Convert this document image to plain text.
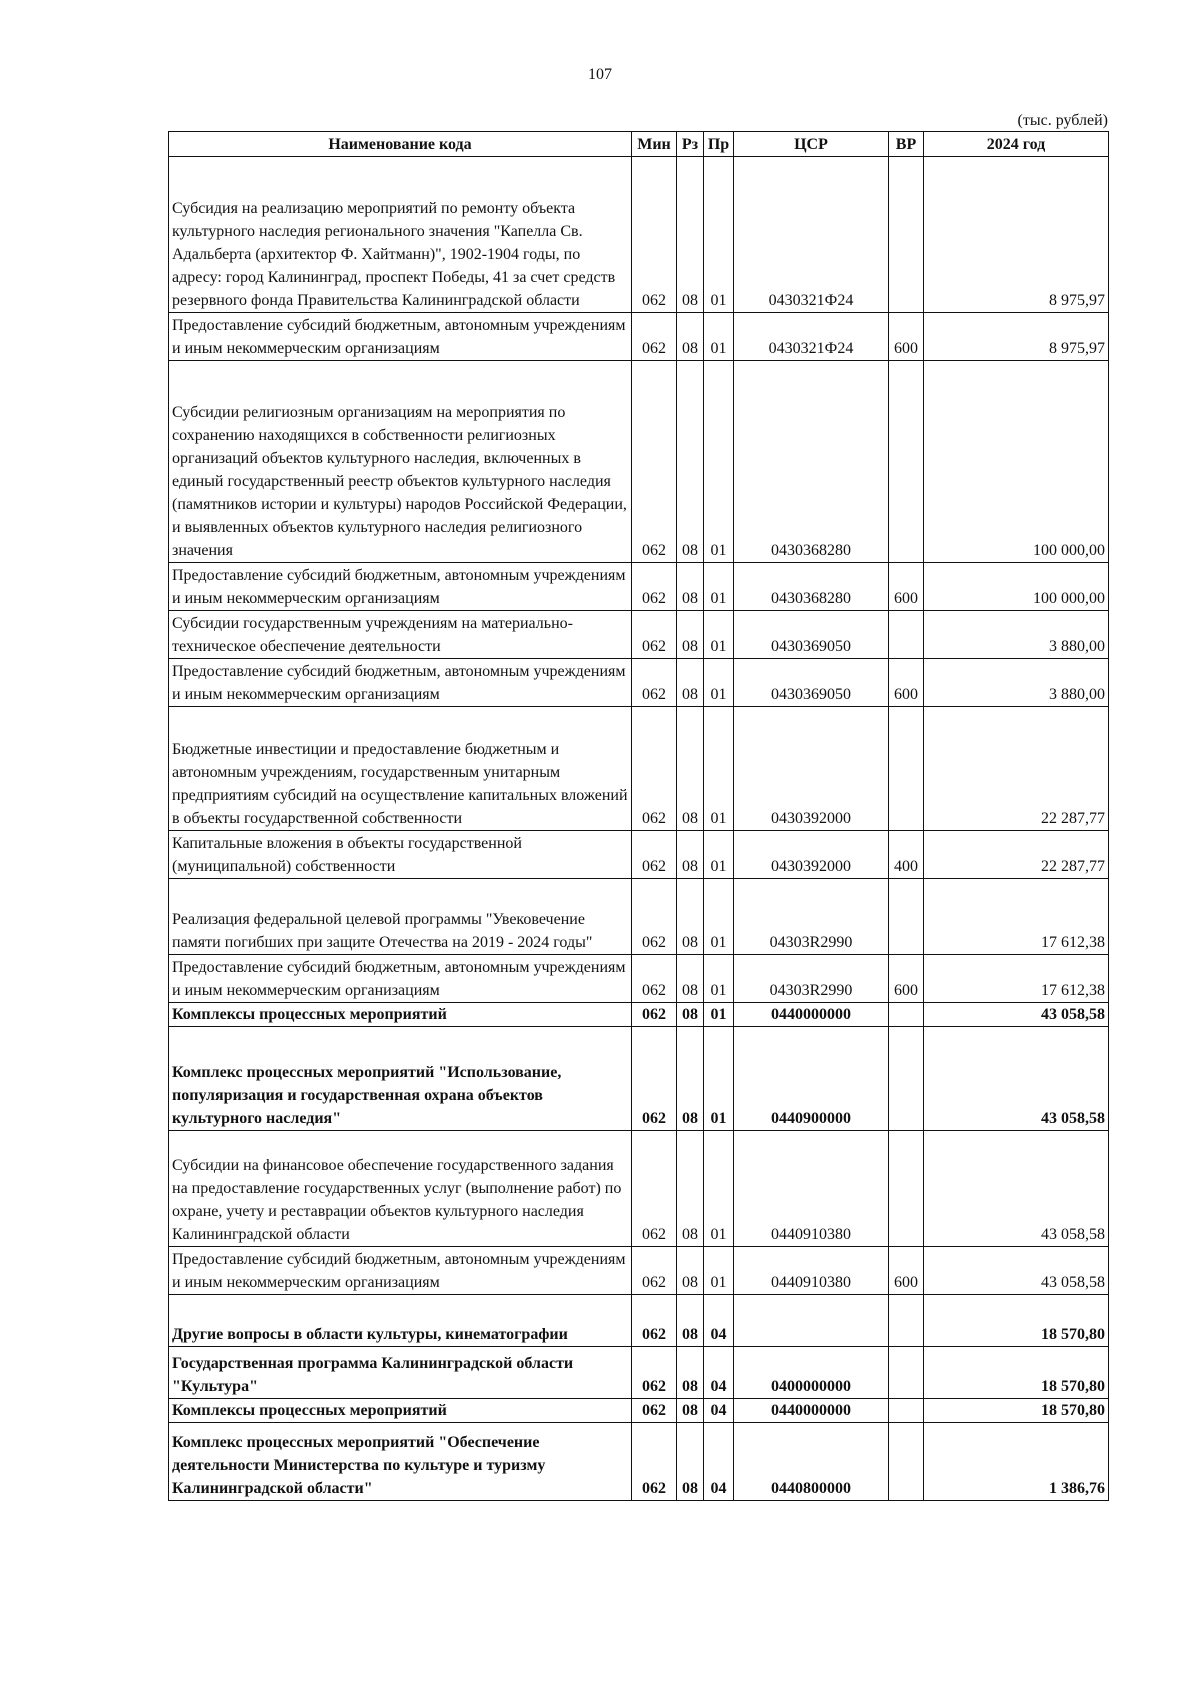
107
(тыс. рублей)
Наименование кода	Мин	Рз	Пр	ЦСР	ВР	2024 год
Субсидия на реализацию мероприятий по ремонту объекта культурного наследия регионального значения "Капелла Св. Адальберта (архитектор Ф. Хайтманн)", 1902-1904 годы, по адресу: город Калининград, проспект Победы, 41 за счет средств резервного фонда Правительства Калининградской области	062	08	01	0430321Ф24		8 975,97
Предоставление субсидий бюджетным, автономным учреждениям и иным некоммерческим организациям	062	08	01	0430321Ф24	600	8 975,97
Субсидии религиозным организациям на мероприятия по сохранению находящихся в собственности религиозных организаций объектов культурного наследия, включенных в единый государственный реестр объектов культурного наследия (памятников истории и культуры) народов Российской Федерации, и выявленных объектов культурного наследия религиозного значения	062	08	01	0430368280		100 000,00
Предоставление субсидий бюджетным, автономным учреждениям и иным некоммерческим организациям	062	08	01	0430368280	600	100 000,00
Субсидии государственным учреждениям на материально-техническое обеспечение деятельности	062	08	01	0430369050		3 880,00
Предоставление субсидий бюджетным, автономным учреждениям и иным некоммерческим организациям	062	08	01	0430369050	600	3 880,00
Бюджетные инвестиции и предоставление бюджетным и автономным учреждениям, государственным унитарным предприятиям субсидий на осуществление капитальных вложений в объекты государственной собственности	062	08	01	0430392000		22 287,77
Капитальные вложения в объекты государственной (муниципальной) собственности	062	08	01	0430392000	400	22 287,77
Реализация федеральной целевой программы "Увековечение памяти погибших при защите Отечества на 2019 - 2024 годы"	062	08	01	04303R2990		17 612,38
Предоставление субсидий бюджетным, автономным учреждениям и иным некоммерческим организациям	062	08	01	04303R2990	600	17 612,38
Комплексы процессных мероприятий	062	08	01	0440000000		43 058,58
Комплекс процессных мероприятий "Использование, популяризация и государственная охрана объектов культурного наследия"	062	08	01	0440900000		43 058,58
Субсидии на финансовое обеспечение государственного задания на предоставление государственных услуг (выполнение работ) по охране, учету и реставрации объектов культурного наследия Калининградской области	062	08	01	0440910380		43 058,58
Предоставление субсидий бюджетным, автономным учреждениям и иным некоммерческим организациям	062	08	01	0440910380	600	43 058,58
Другие вопросы в области культуры, кинематографии	062	08	04			18 570,80
Государственная программа Калининградской области "Культура"	062	08	04	0400000000		18 570,80
Комплексы процессных мероприятий	062	08	04	0440000000		18 570,80
Комплекс процессных мероприятий "Обеспечение деятельности Министерства по культуре и туризму Калининградской области"	062	08	04	0440800000		1 386,76
